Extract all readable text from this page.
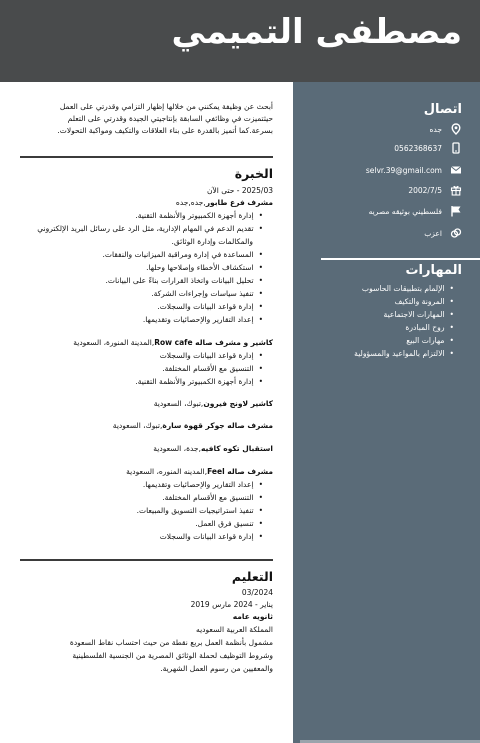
مصطفى التميمي
اتصال
جده
0562368637
selvr.39@gmail.com
2002/7/5
فلسطيني بوثيقه مصريه
اعزب
المهارات
• الإلمام بتطبيقات الحاسوب
• المرونة والتكيف
• المهارات الاجتماعية
• روح المبادرة
• مهارات البيع
• الالتزام بالمواعيد والمسؤولية
أبحث عن وظيفة يمكنني من خلالها إظهار التزامي وقدرتي على العمل
حيثتميزت في وظائفي السابقة بإنتاجيتي الجيدة وقدرتي على التعلم
بسرعة.كما أتميز بالقدرة على بناء العلاقات والتكيف ومواكبة التحولات.
الخبرة
2025/03 - حتى الآن
مشرف فرع طابور,جده,جده
• إدارة أجهزة الكمبيوتر والأنظمة التقنية.
• تقديم الدعم في المهام الإدارية، مثل الرد على رسائل البريد الإلكتروني
والمكالمات وإدارة الوثائق.
• المساعدة في إدارة ومراقبة الميزانيات والنفقات.
• استكشاف الأخطاء وإصلاحها وحلها.
• تحليل البيانات واتخاذ القرارات بناءً على البيانات.
• تنفيذ سياسات وإجراءات الشركة.
• إدارة قواعد البيانات والسجلات.
• إعداد التقارير والإحصائيات وتقديمها.
كاشير و مشرف صاله Row cafe,المدينة المنورة، السعودية
• إدارة قواعد البيانات والسجلات
• التنسيق مع الأقسام المختلفة.
• إدارة أجهزة الكمبيوتر والأنظمة التقنية.
كاشير لاونج فيرون,تبوك، السعودية
مشرف صاله جوكر قهوة سارة,تبوك، السعودية
استقبال تكوه كافيه,جدة، السعودية
مشرف صاله Feel,المدينه المنوره، السعودية
• إعداد التقارير والإحصائيات وتقديمها.
• التنسيق مع الأقسام المختلفة.
• تنفيذ استراتيجيات التسويق والمبيعات.
• تنسيق فرق العمل.
• إدارة قواعد البيانات والسجلات
التعليم
03/2024
يناير - 2024 مارس 2019
ثانويه عامه
المملكة العربية السعوديه
مشمول بأنظمة العمل بربع نقطة من حيث احتساب نقاط السعودة
وشروط التوظيف لحملة الوثائق المصرية من الجنسية الفلسطينية
والمعفيين من رسوم العمل الشهرية.
